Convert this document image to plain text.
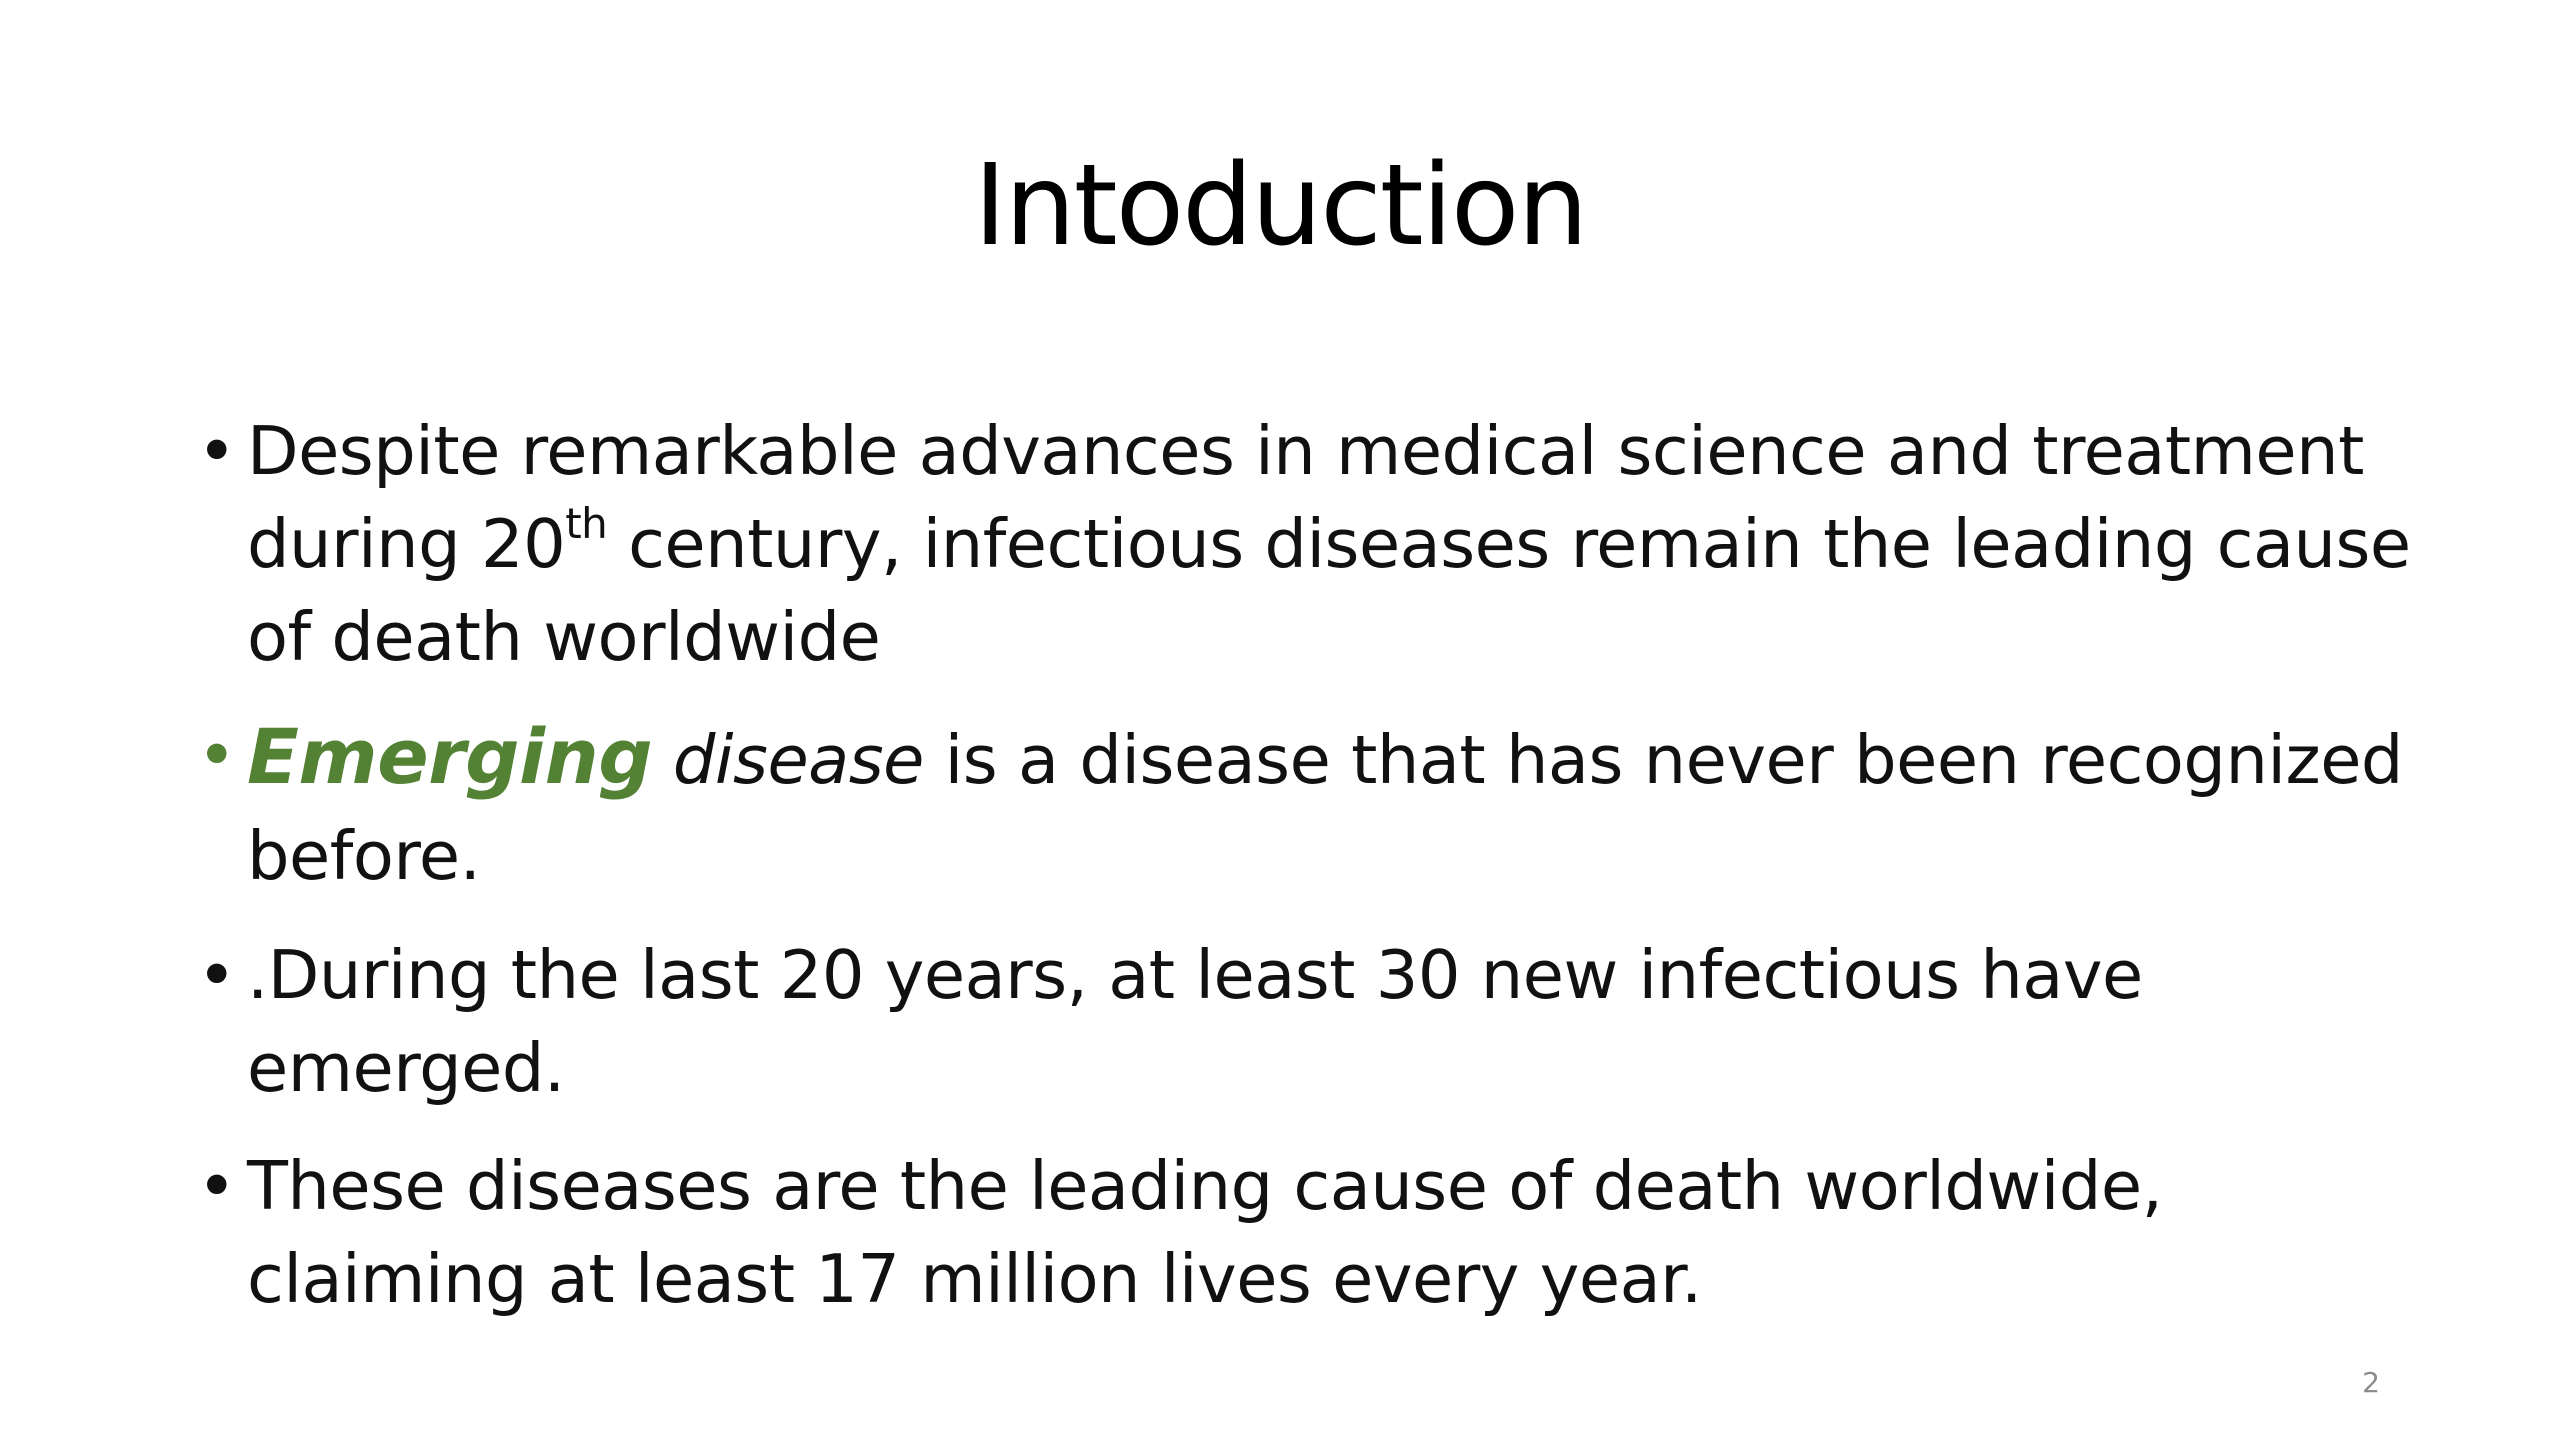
Intoduction
• Despite remarkable advances in medical science and treatment during 20th century, infectious diseases remain the leading cause of death worldwide
• Emerging disease is a disease that has never been recognized before.
• .During the last 20 years, at least 30 new infectious have emerged.
• These diseases are the leading cause of death worldwide, claiming at least 17 million lives every year.
2
